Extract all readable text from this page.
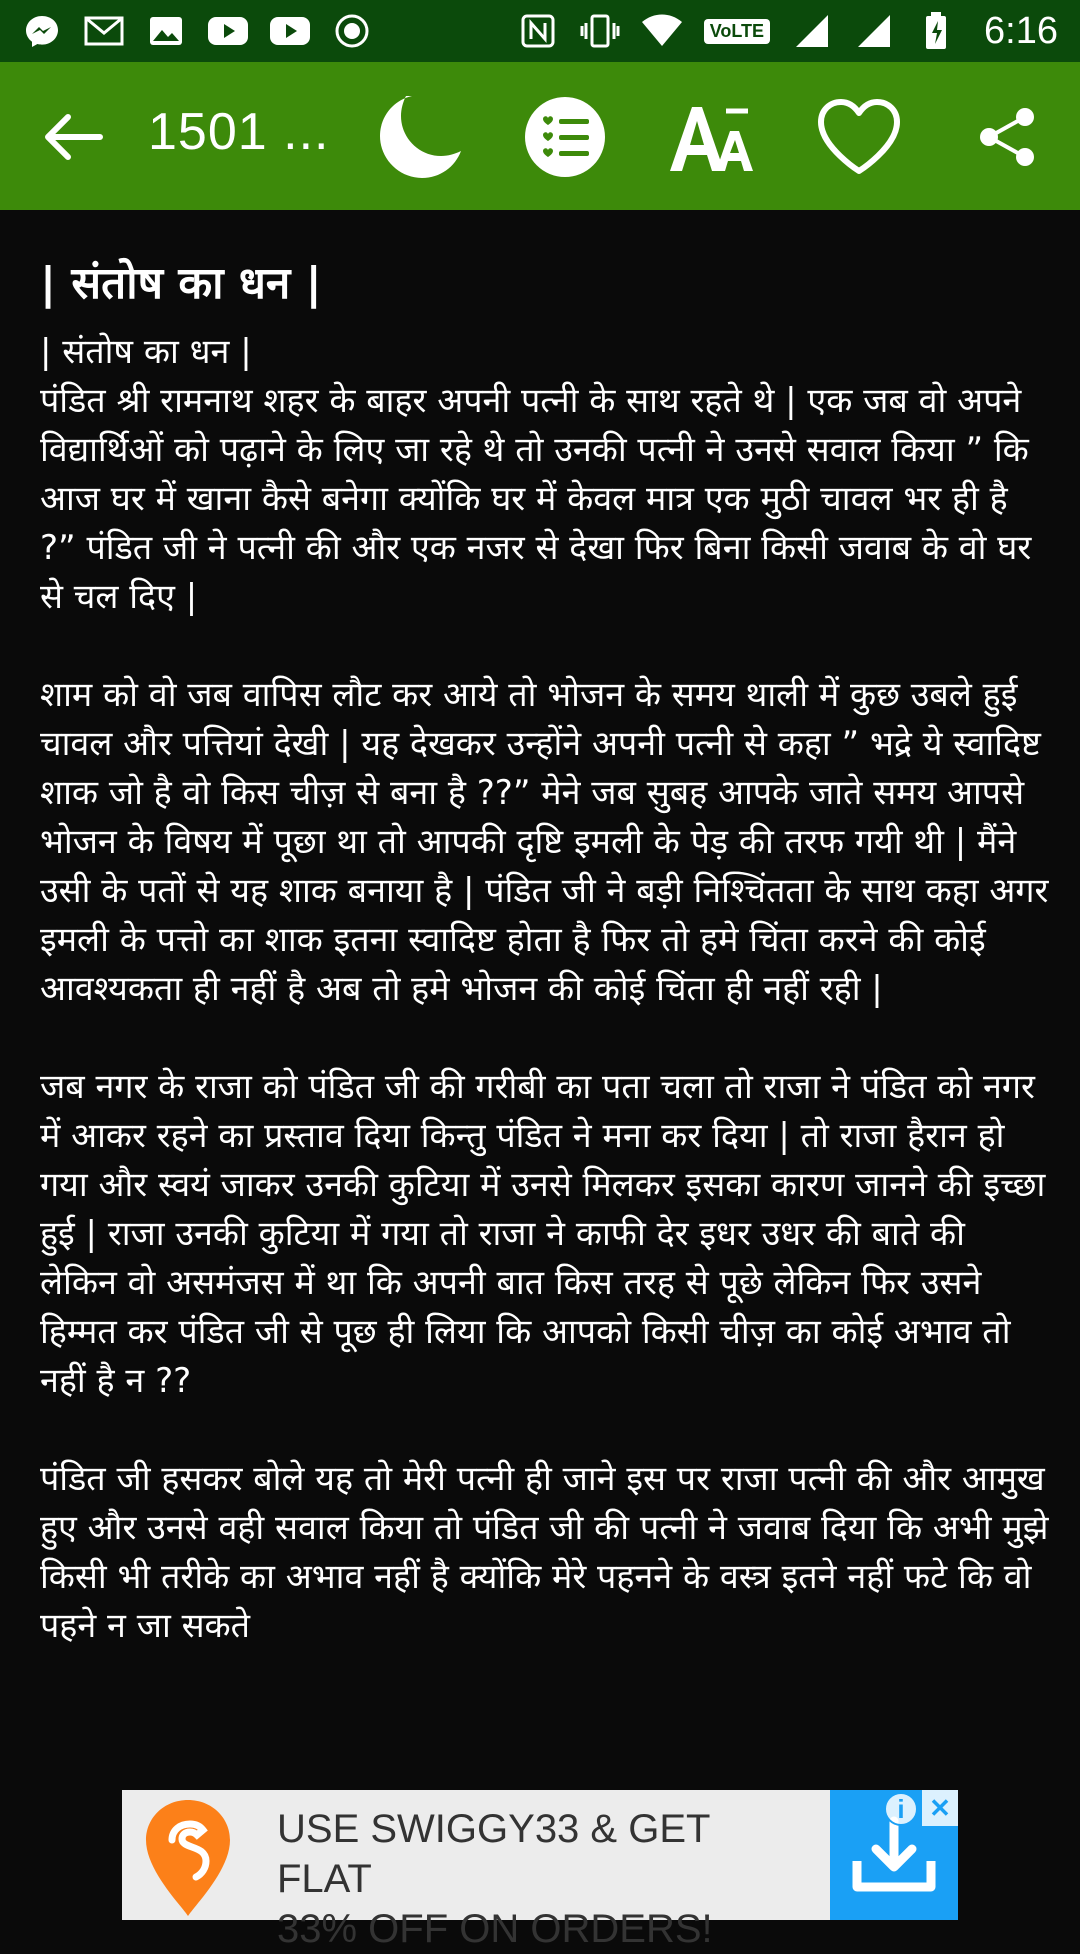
VoLTE	6:16
1501 ...
| संतोष का धन |

| संतोष का धन |

पंडित श्री रामनाथ शहर के बाहर अपनी पत्नी के साथ रहते थे | एक जब वो अपने विद्यार्थिओं को पढ़ाने के लिए जा रहे थे तो उनकी पत्नी ने उनसे सवाल किया ” कि आज घर में खाना कैसे बनेगा क्योंकि घर में केवल मात्र एक मुठी चावल भर ही है ?” पंडित जी ने पत्नी की और एक नजर से देखा फिर बिना किसी जवाब के वो घर से चल दिए |

शाम को वो जब वापिस लौट कर आये तो भोजन के समय थाली में कुछ उबले हुई चावल और पत्तियां देखी | यह देखकर उन्होंने अपनी पत्नी से कहा ” भद्रे ये स्वादिष्ट शाक जो है वो किस चीज़ से बना है ??” मेने जब सुबह आपके जाते समय आपसे भोजन के विषय में पूछा था तो आपकी दृष्टि इमली के पेड़ की तरफ गयी थी | मैंने उसी के पतों से यह शाक बनाया है | पंडित जी ने बड़ी निश्चिंतता के साथ कहा अगर इमली के पत्तो का शाक इतना स्वादिष्ट होता है फिर तो हमे चिंता करने की कोई आवश्यकता ही नहीं है अब तो हमे भोजन की कोई चिंता ही नहीं रही |

जब नगर के राजा को पंडित जी की गरीबी का पता चला तो राजा ने पंडित को नगर में आकर रहने का प्रस्ताव दिया किन्तु पंडित ने मना कर दिया | तो राजा हैरान हो गया और स्वयं जाकर उनकी कुटिया में उनसे मिलकर इसका कारण जानने की इच्छा हुई | राजा उनकी कुटिया में गया तो राजा ने काफी देर इधर उधर की बाते की लेकिन वो असमंजस में था कि अपनी बात किस तरह से पूछे लेकिन फिर उसने हिम्मत कर पंडित जी से पूछ ही लिया कि आपको किसी चीज़ का कोई अभाव तो नहीं है न ??

पंडित जी हसकर बोले यह तो मेरी पत्नी ही जाने इस पर राजा पत्नी की और आमुख हुए और उनसे वही सवाल किया तो पंडित जी की पत्नी ने जवाब दिया कि अभी मुझे किसी भी तरीके का अभाव नहीं है क्योंकि मेरे पहनने के वस्त्र इतने नहीं फटे कि वो पहने न जा सकते

USE SWIGGY33 & GET FLAT
33% OFF ON ORDERS!
i ✕
